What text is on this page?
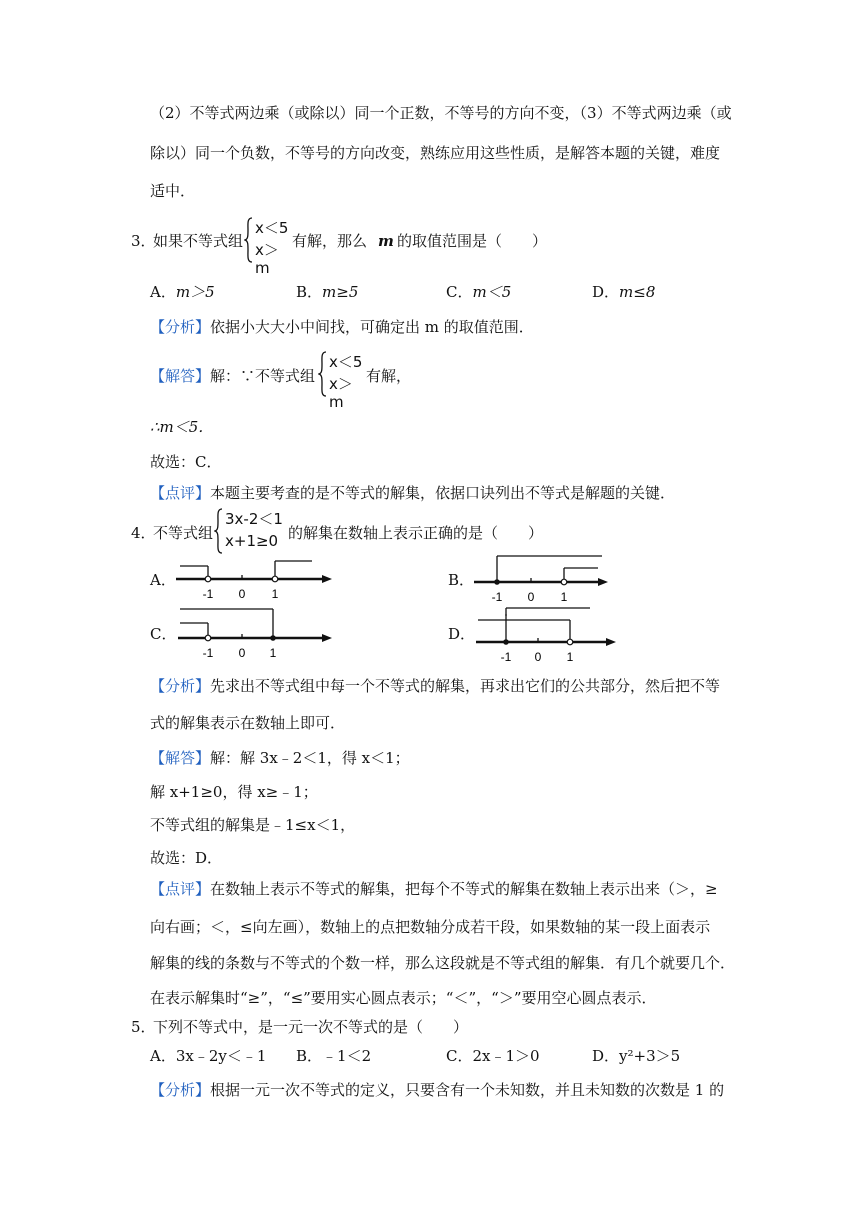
（2）不等式两边乘（或除以）同一个正数，不等号的方向不变，（3）不等式两边乘（或
除以）同一个负数，不等号的方向改变，熟练应用这些性质，是解答本题的关键，难度
适中．
3．
如果不等式组
x＜5
x＞m
有解，那么 m 的取值范围是（　　）
A．m＞5	B．m≥5	C．m＜5	D．m≤8
【分析】依据小大大小中间找，可确定出 m 的取值范围．
【解答】解：∵不等式组
x＜5
x＞m
有解，
∴m＜5．
故选：C．
【点评】本题主要考查的是不等式的解集，依据口诀列出不等式是解题的关键．
4．
不等式组
3x-2＜1
x+1≥0 的解集在数轴上表示正确的是（　　）
A．
-1 0 1
B．
-1 0 1
C．
-1 0 1
D．
-1 0 1
【分析】先求出不等式组中每一个不等式的解集，再求出它们的公共部分，然后把不等
式的解集表示在数轴上即可．
【解答】解：解 3x﹣2＜1，得 x＜1；
解 x+1≥0，得 x≥﹣1；
不等式组的解集是﹣1≤x＜1，
故选：D．
【点评】在数轴上表示不等式的解集，把每个不等式的解集在数轴上表示出来（＞，≥
向右画；＜，≤向左画），数轴上的点把数轴分成若干段，如果数轴的某一段上面表示
解集的线的条数与不等式的个数一样，那么这段就是不等式组的解集．有几个就要几个．
在表示解集时“≥”，“≤”要用实心圆点表示；“＜”，“＞”要用空心圆点表示．
5．
下列不等式中，是一元一次不等式的是（　　）
A．3x﹣2y＜﹣1 B．﹣1＜2	C．2x﹣1＞0	D．y²+3＞5
【分析】根据一元一次不等式的定义，只要含有一个未知数，并且未知数的次数是 1 的
